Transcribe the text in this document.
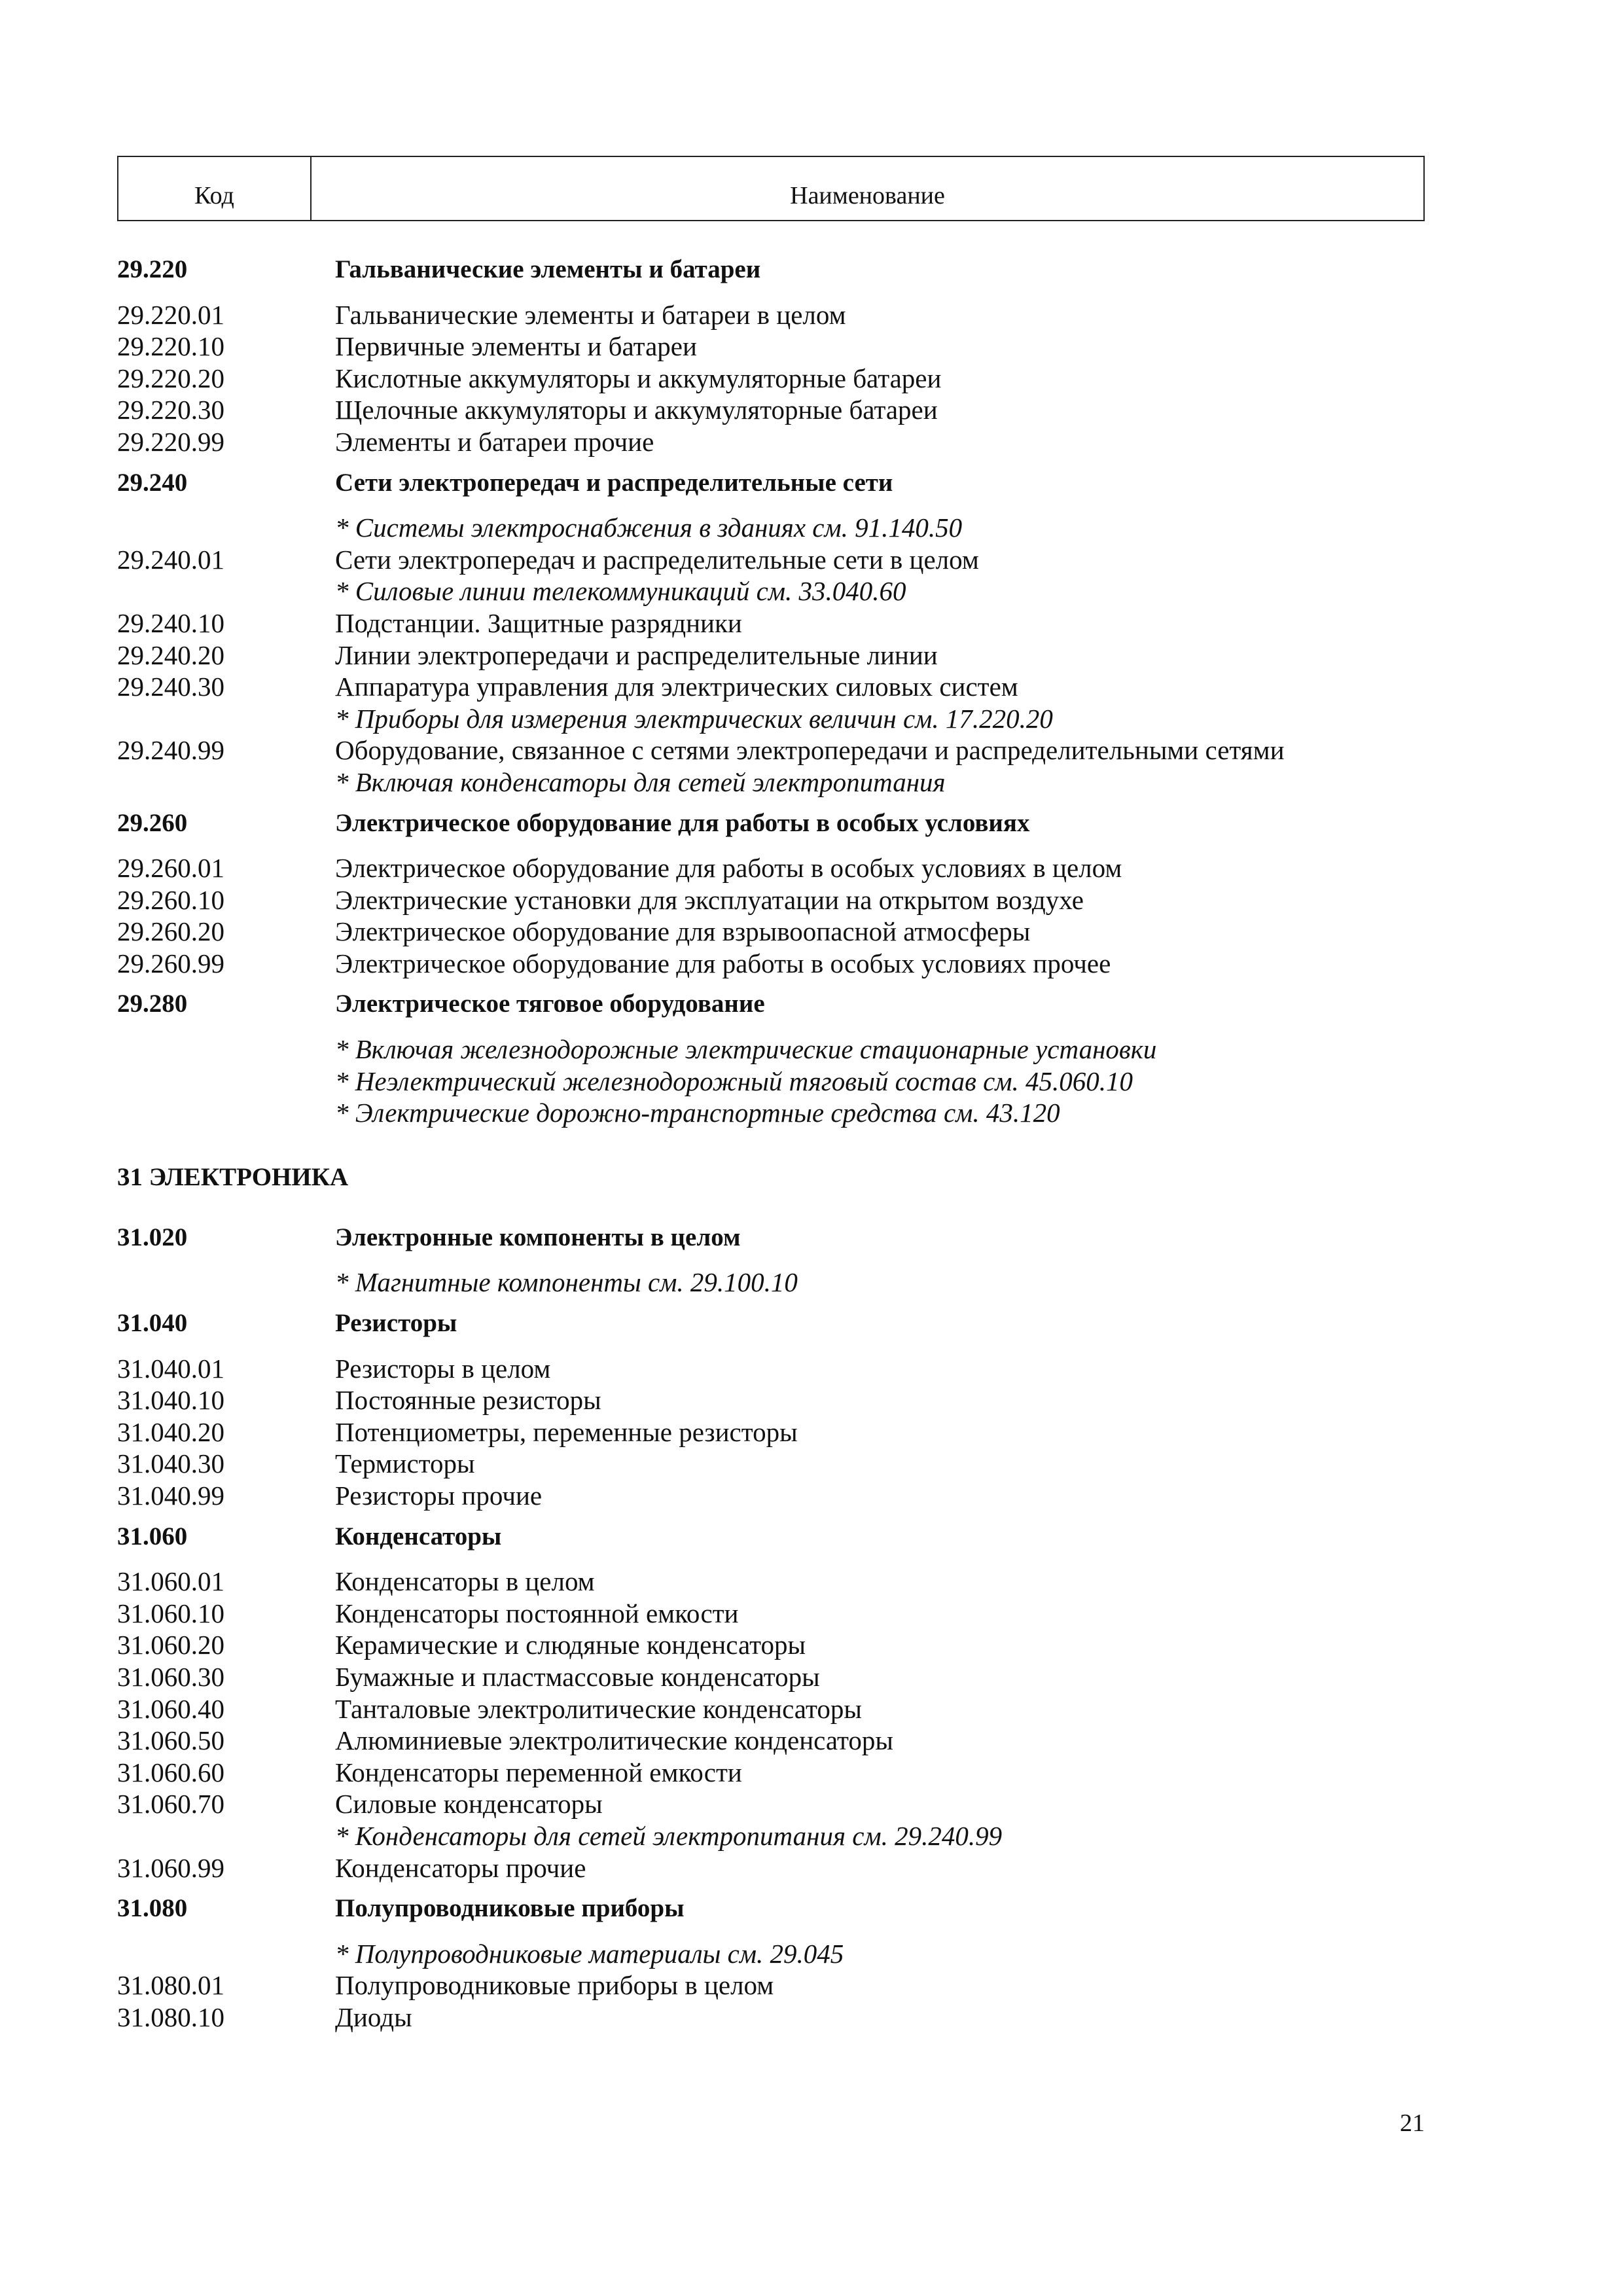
Код	Наименование
29.220	Гальванические элементы и батареи
29.220.01	Гальванические элементы и батареи в целом
29.220.10	Первичные элементы и батареи
29.220.20	Кислотные аккумуляторы и аккумуляторные батареи
29.220.30	Щелочные аккумуляторы и аккумуляторные батареи
29.220.99	Элементы и батареи прочие
29.240	Сети электропередач и распределительные сети
* Системы электроснабжения в зданиях см. 91.140.50
29.240.01	Сети электропередач и распределительные сети в целом
* Силовые линии телекоммуникаций см. 33.040.60
29.240.10	Подстанции. Защитные разрядники
29.240.20	Линии электропередачи и распределительные линии
29.240.30	Аппаратура управления для электрических силовых систем
* Приборы для измерения электрических величин см. 17.220.20
29.240.99	Оборудование, связанное с сетями электропередачи и распределительными сетями
* Включая конденсаторы для сетей электропитания
29.260	Электрическое оборудование для работы в особых условиях
29.260.01	Электрическое оборудование для работы в особых условиях в целом
29.260.10	Электрические установки для эксплуатации на открытом воздухе
29.260.20	Электрическое оборудование для взрывоопасной атмосферы
29.260.99	Электрическое оборудование для работы в особых условиях прочее
29.280	Электрическое тяговое оборудование
* Включая железнодорожные электрические стационарные установки
* Неэлектрический железнодорожный тяговый состав см. 45.060.10
* Электрические дорожно-транспортные средства см. 43.120
31 ЭЛЕКТРОНИКА
31.020	Электронные компоненты в целом
* Магнитные компоненты см. 29.100.10
31.040	Резисторы
31.040.01	Резисторы в целом
31.040.10	Постоянные резисторы
31.040.20	Потенциометры, переменные резисторы
31.040.30	Термисторы
31.040.99	Резисторы прочие
31.060	Конденсаторы
31.060.01	Конденсаторы в целом
31.060.10	Конденсаторы постоянной емкости
31.060.20	Керамические и слюдяные конденсаторы
31.060.30	Бумажные и пластмассовые конденсаторы
31.060.40	Танталовые электролитические конденсаторы
31.060.50	Алюминиевые электролитические конденсаторы
31.060.60	Конденсаторы переменной емкости
31.060.70	Силовые конденсаторы
* Конденсаторы для сетей электропитания см. 29.240.99
31.060.99	Конденсаторы прочие
31.080	Полупроводниковые приборы
* Полупроводниковые материалы см. 29.045
31.080.01	Полупроводниковые приборы в целом
31.080.10	Диоды
21
